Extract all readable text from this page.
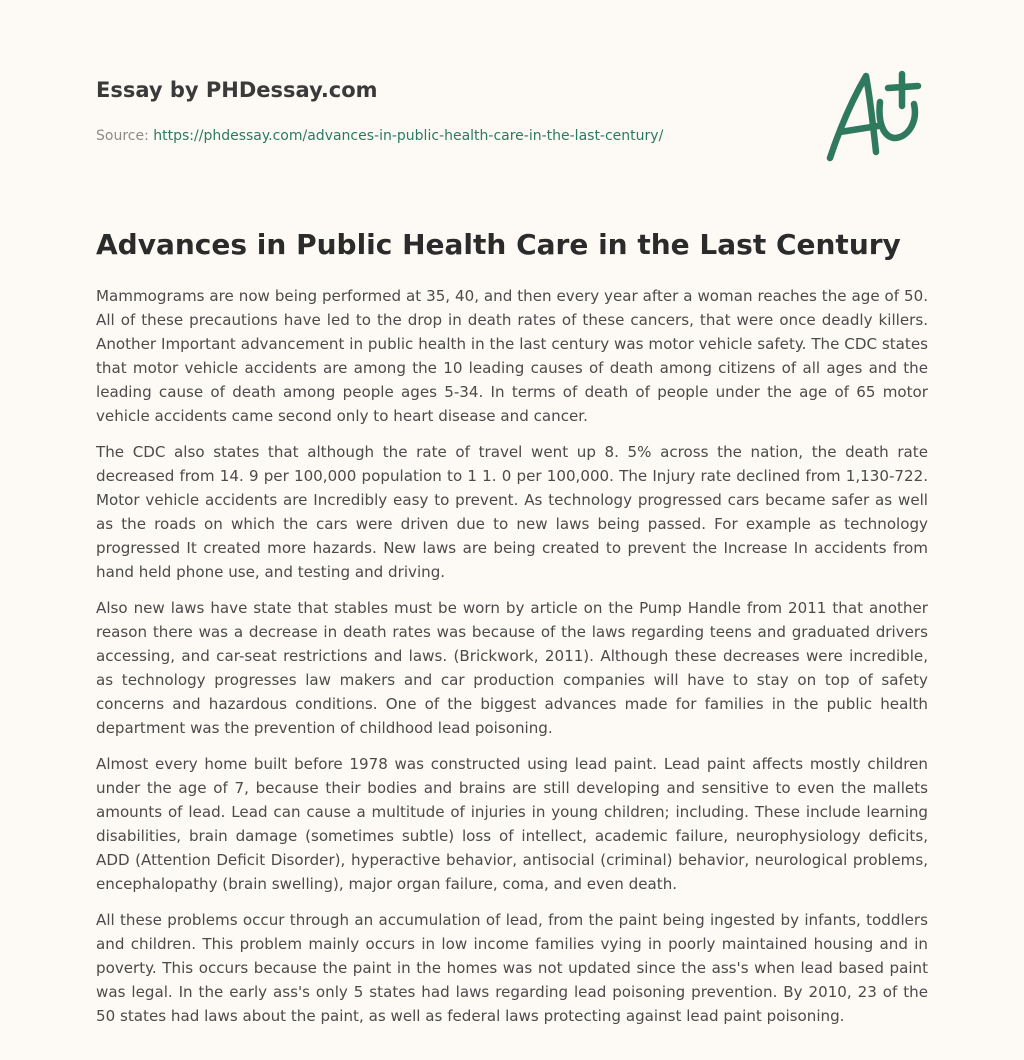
Essay by PHDessay.com
Source: https://phdessay.com/advances-in-public-health-care-in-the-last-century/
Advances in Public Health Care in the Last Century

Mammograms are now being performed at 35, 40, and then every year after a woman reaches the age of 50. All of these precautions have led to the drop in death rates of these cancers, that were once deadly killers. Another Important advancement in public health in the last century was motor vehicle safety. The CDC states that motor vehicle accidents are among the 10 leading causes of death among citizens of all ages and the leading cause of death among people ages 5-34. In terms of death of people under the age of 65 motor vehicle accidents came second only to heart disease and cancer.

The CDC also states that although the rate of travel went up 8. 5% across the nation, the death rate decreased from 14. 9 per 100,000 population to 1 1. 0 per 100,000. The Injury rate declined from 1,130-722. Motor vehicle accidents are Incredibly easy to prevent. As technology progressed cars became safer as well as the roads on which the cars were driven due to new laws being passed. For example as technology progressed It created more hazards. New laws are being created to prevent the Increase In accidents from hand held phone use, and testing and driving.

Also new laws have state that stables must be worn by article on the Pump Handle from 2011 that another reason there was a decrease in death rates was because of the laws regarding teens and graduated drivers accessing, and car-seat restrictions and laws. (Brickwork, 2011). Although these decreases were incredible, as technology progresses law makers and car production companies will have to stay on top of safety concerns and hazardous conditions. One of the biggest advances made for families in the public health department was the prevention of childhood lead poisoning.

Almost every home built before 1978 was constructed using lead paint. Lead paint affects mostly children under the age of 7, because their bodies and brains are still developing and sensitive to even the mallets amounts of lead. Lead can cause a multitude of injuries in young children; including. These include learning disabilities, brain damage (sometimes subtle) loss of intellect, academic failure, neurophysiology deficits, ADD (Attention Deficit Disorder), hyperactive behavior, antisocial (criminal) behavior, neurological problems, encephalopathy (brain swelling), major organ failure, coma, and even death.

All these problems occur through an accumulation of lead, from the paint being ingested by infants, toddlers and children. This problem mainly occurs in low income families vying in poorly maintained housing and in poverty. This occurs because the paint in the homes was not updated since the ass's when lead based paint was legal. In the early ass's only 5 states had laws regarding lead poisoning prevention. By 2010, 23 of the 50 states had laws about the paint, as well as federal laws protecting against lead paint poisoning.
